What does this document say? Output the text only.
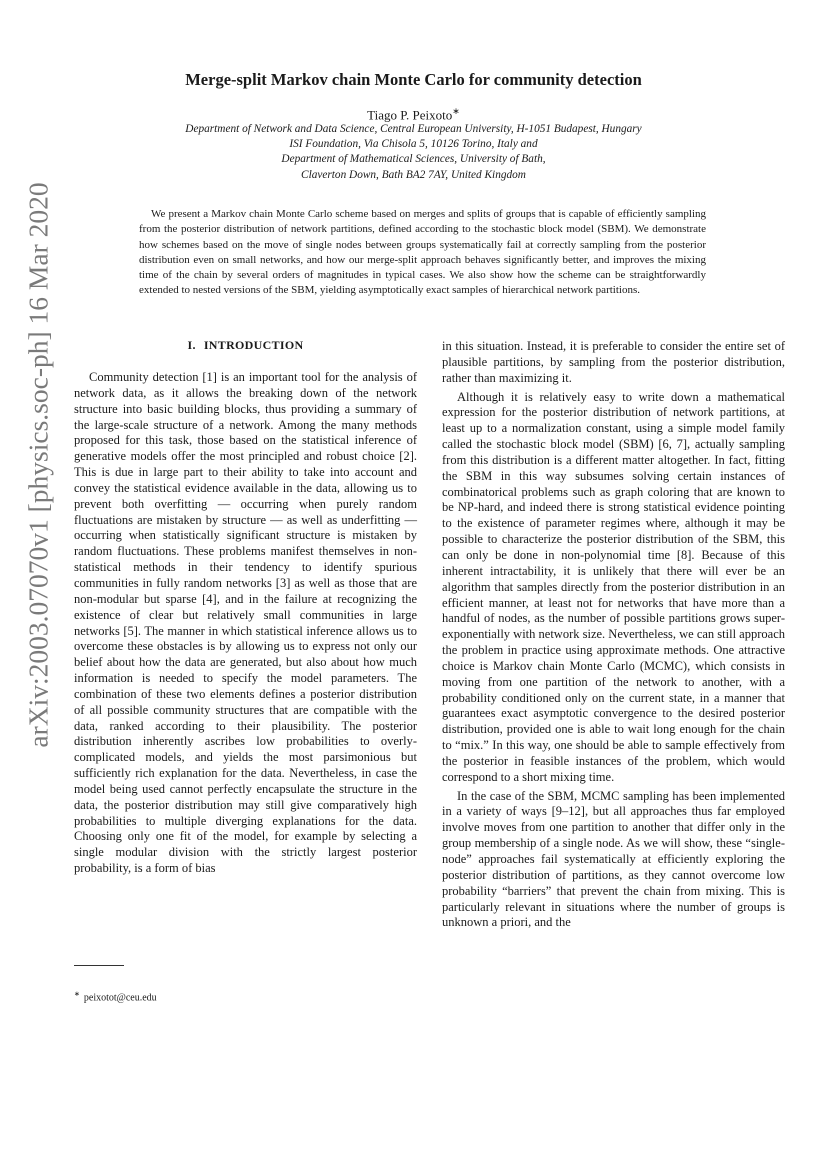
arXiv:2003.07070v1 [physics.soc-ph] 16 Mar 2020
Merge-split Markov chain Monte Carlo for community detection
Tiago P. Peixoto∗
Department of Network and Data Science, Central European University, H-1051 Budapest, Hungary
ISI Foundation, Via Chisola 5, 10126 Torino, Italy and
Department of Mathematical Sciences, University of Bath,
Claverton Down, Bath BA2 7AY, United Kingdom
We present a Markov chain Monte Carlo scheme based on merges and splits of groups that is capable of efficiently sampling from the posterior distribution of network partitions, defined according to the stochastic block model (SBM). We demonstrate how schemes based on the move of single nodes between groups systematically fail at correctly sampling from the posterior distribution even on small networks, and how our merge-split approach behaves significantly better, and improves the mixing time of the chain by several orders of magnitudes in typical cases. We also show how the scheme can be straightforwardly extended to nested versions of the SBM, yielding asymptotically exact samples of hierarchical network partitions.
I. INTRODUCTION

Community detection [1] is an important tool for the analysis of network data, as it allows the breaking down of the network structure into basic building blocks, thus providing a summary of the large-scale structure of a network. Among the many methods proposed for this task, those based on the statistical inference of generative models offer the most principled and robust choice [2]. This is due in large part to their ability to take into account and convey the statistical evidence available in the data, allowing us to prevent both overfitting — occurring when purely random fluctuations are mistaken by structure — as well as underfitting — occurring when statistically significant structure is mistaken by random fluctuations. These problems manifest themselves in non-statistical methods in their tendency to identify spurious communities in fully random networks [3] as well as those that are non-modular but sparse [4], and in the failure at recognizing the existence of clear but relatively small communities in large networks [5]. The manner in which statistical inference allows us to overcome these obstacles is by allowing us to express not only our belief about how the data are generated, but also about how much information is needed to specify the model parameters. The combination of these two elements defines a posterior distribution of all possible community structures that are compatible with the data, ranked according to their plausibility. The posterior distribution inherently ascribes low probabilities to overly-complicated models, and yields the most parsimonious but sufficiently rich explanation for the data. Nevertheless, in case the model being used cannot perfectly encapsulate the structure in the data, the posterior distribution may still give comparatively high probabilities to multiple diverging explanations for the data. Choosing only one fit of the model, for example by selecting a single modular division with the strictly largest posterior probability, is a form of bias

in this situation. Instead, it is preferable to consider the entire set of plausible partitions, by sampling from the posterior distribution, rather than maximizing it.

Although it is relatively easy to write down a mathematical expression for the posterior distribution of network partitions, at least up to a normalization constant, using a simple model family called the stochastic block model (SBM) [6, 7], actually sampling from this distribution is a different matter altogether. In fact, fitting the SBM in this way subsumes solving certain instances of combinatorical problems such as graph coloring that are known to be NP-hard, and indeed there is strong statistical evidence pointing to the existence of parameter regimes where, although it may be possible to characterize the posterior distribution of the SBM, this can only be done in non-polynomial time [8]. Because of this inherent intractability, it is unlikely that there will ever be an algorithm that samples directly from the posterior distribution in an efficient manner, at least not for networks that have more than a handful of nodes, as the number of possible partitions grows super-exponentially with network size. Nevertheless, we can still approach the problem in practice using approximate methods. One attractive choice is Markov chain Monte Carlo (MCMC), which consists in moving from one partition of the network to another, with a probability conditioned only on the current state, in a manner that guarantees exact asymptotic convergence to the desired posterior distribution, provided one is able to wait long enough for the chain to “mix.” In this way, one should be able to sample effectively from the posterior in feasible instances of the problem, which would correspond to a short mixing time.

In the case of the SBM, MCMC sampling has been implemented in a variety of ways [9–12], but all approaches thus far employed involve moves from one partition to another that differ only in the group membership of a single node. As we will show, these “single-node” approaches fail systematically at efficiently exploring the posterior distribution of partitions, as they cannot overcome low probability “barriers” that prevent the chain from mixing. This is particularly relevant in situations where the number of groups is unknown a priori, and the

∗ peixotot@ceu.edu
